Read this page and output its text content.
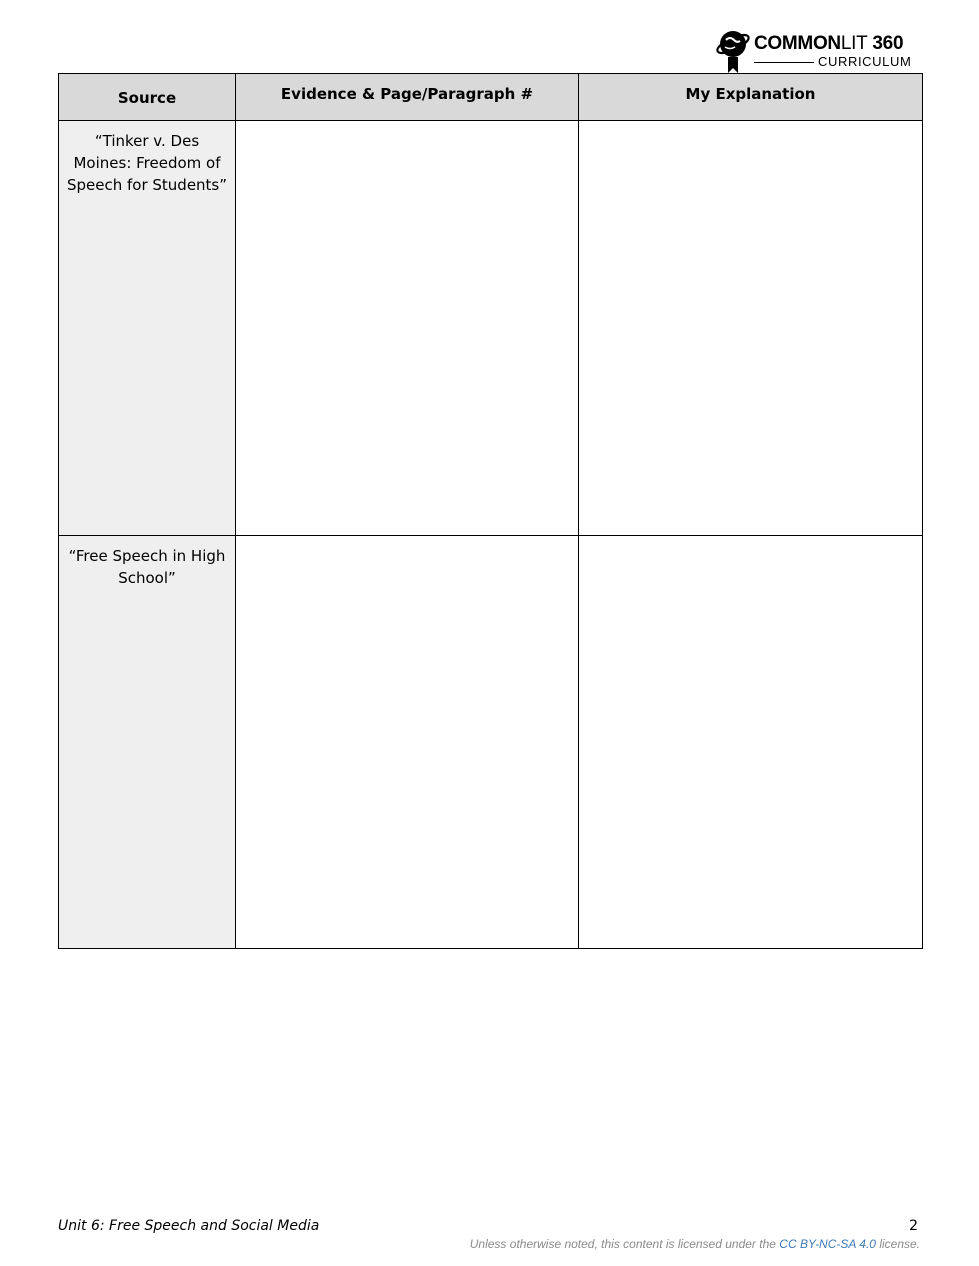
COMMONLIT 360
CURRICULUM
Source	Evidence & Page/Paragraph #	My Explanation

“Tinker v. Des Moines: Freedom of Speech for Students”		

“Free Speech in High School”		

Unit 6: Free Speech and Social Media	2
Unless otherwise noted, this content is licensed under the CC BY-NC-SA 4.0 license.
